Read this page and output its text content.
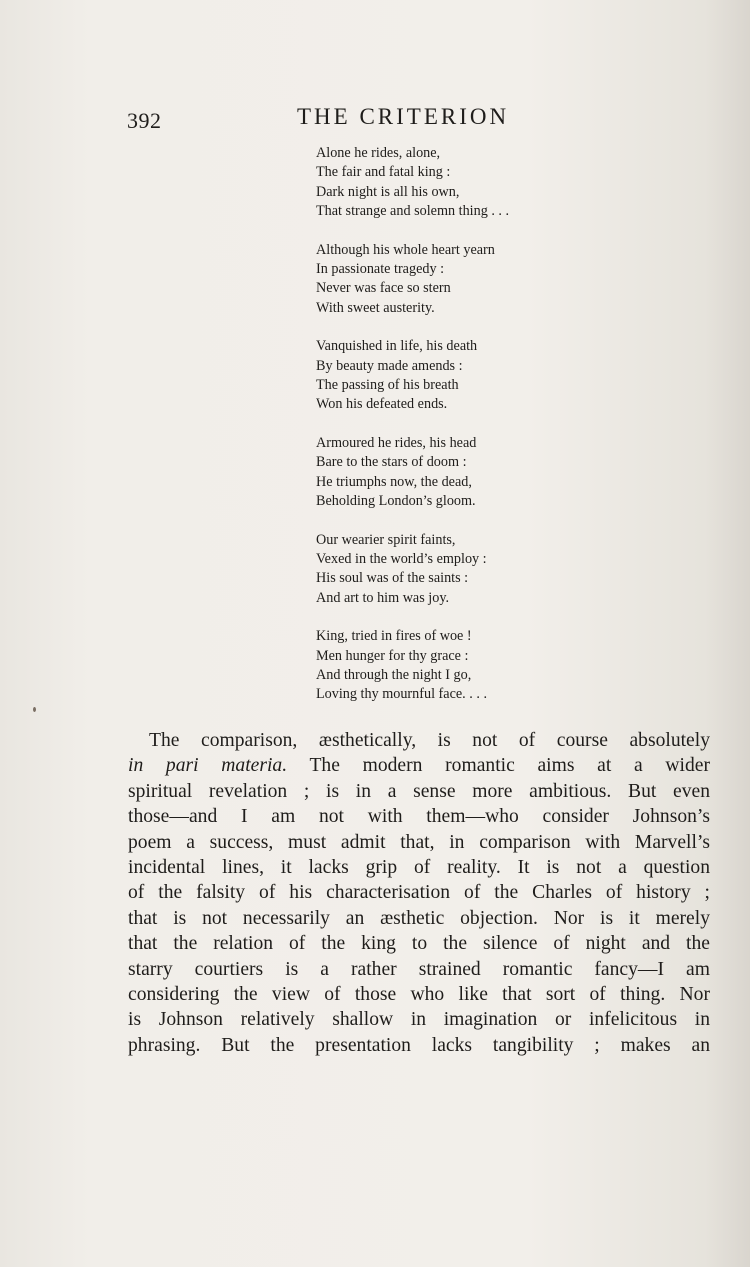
392	THE CRITERION
Alone he rides, alone,
The fair and fatal king :
Dark night is all his own,
That strange and solemn thing . . .
Although his whole heart yearn
In passionate tragedy :
Never was face so stern
With sweet austerity.
Vanquished in life, his death
By beauty made amends :
The passing of his breath
Won his defeated ends.
Armoured he rides, his head
Bare to the stars of doom :
He triumphs now, the dead,
Beholding London’s gloom.
Our wearier spirit faints,
Vexed in the world’s employ :
His soul was of the saints :
And art to him was joy.
King, tried in fires of woe !
Men hunger for thy grace :
And through the night I go,
Loving thy mournful face. . . .
The comparison, æsthetically, is not of course absolutely
in pari materia. The modern romantic aims at a wider
spiritual revelation ; is in a sense more ambitious. But even
those—and I am not with them—who consider Johnson’s
poem a success, must admit that, in comparison with Marvell’s
incidental lines, it lacks grip of reality. It is not a question
of the falsity of his characterisation of the Charles of history ;
that is not necessarily an æsthetic objection. Nor is it merely
that the relation of the king to the silence of night and the
starry courtiers is a rather strained romantic fancy—I am
considering the view of those who like that sort of thing. Nor
is Johnson relatively shallow in imagination or infelicitous in
phrasing. But the presentation lacks tangibility ; makes an
